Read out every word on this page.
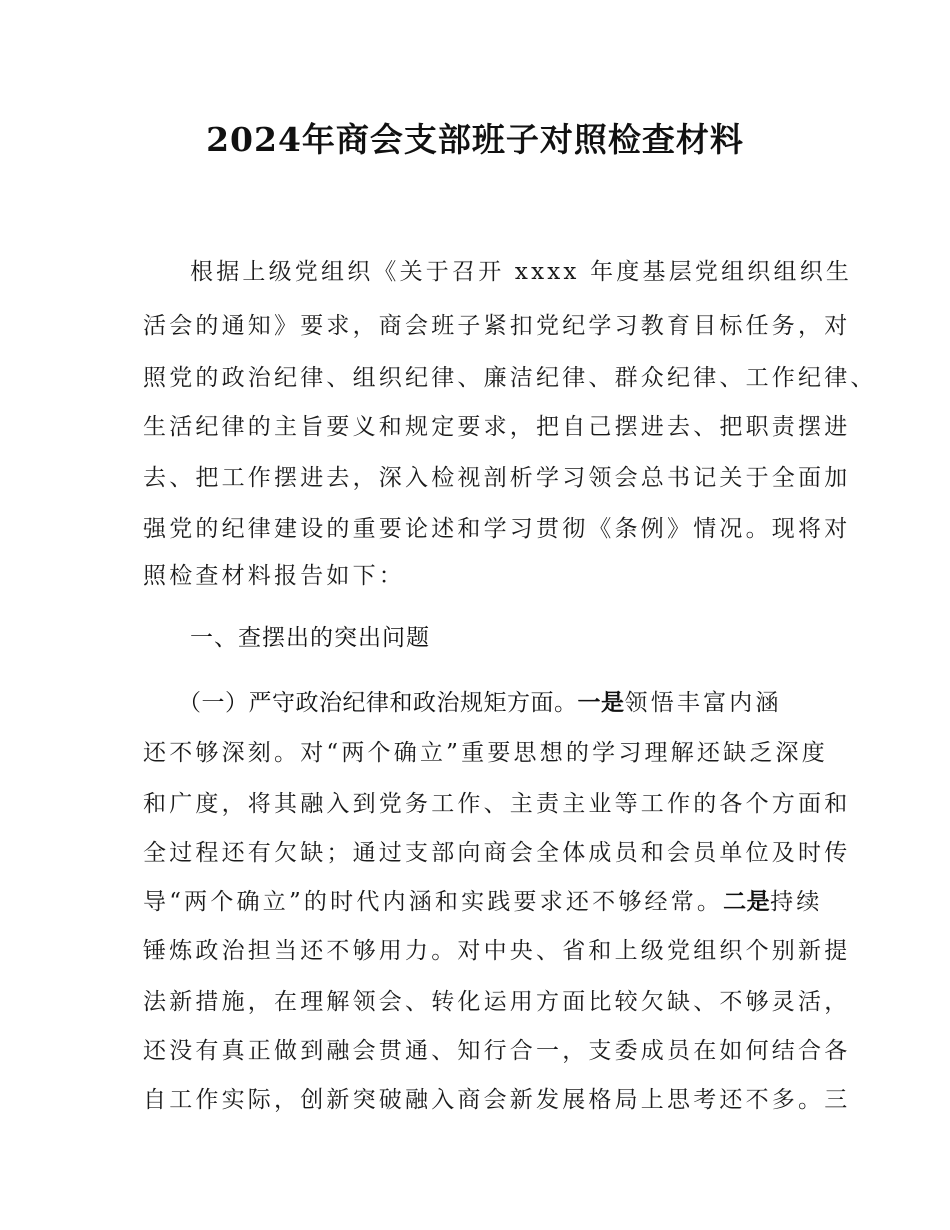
2024年商会支部班子对照检查材料
根据上级党组织《关于召开 xxxx 年度基层党组织组织生
活会的通知》要求，商会班子紧扣党纪学习教育目标任务，对
照党的政治纪律、组织纪律、廉洁纪律、群众纪律、工作纪律、
生活纪律的主旨要义和规定要求，把自己摆进去、把职责摆进
去、把工作摆进去，深入检视剖析学习领会总书记关于全面加
强党的纪律建设的重要论述和学习贯彻《条例》情况。现将对
照检查材料报告如下：
一、查摆出的突出问题
（一）严守政治纪律和政治规矩方面。一是领悟丰富内涵
还不够深刻。对“两个确立”重要思想的学习理解还缺乏深度
和广度，将其融入到党务工作、主责主业等工作的各个方面和
全过程还有欠缺；通过支部向商会全体成员和会员单位及时传
导“两个确立”的时代内涵和实践要求还不够经常。二是持续
锤炼政治担当还不够用力。对中央、省和上级党组织个别新提
法新措施，在理解领会、转化运用方面比较欠缺、不够灵活，
还没有真正做到融会贯通、知行合一，支委成员在如何结合各
自工作实际，创新突破融入商会新发展格局上思考还不多。三
